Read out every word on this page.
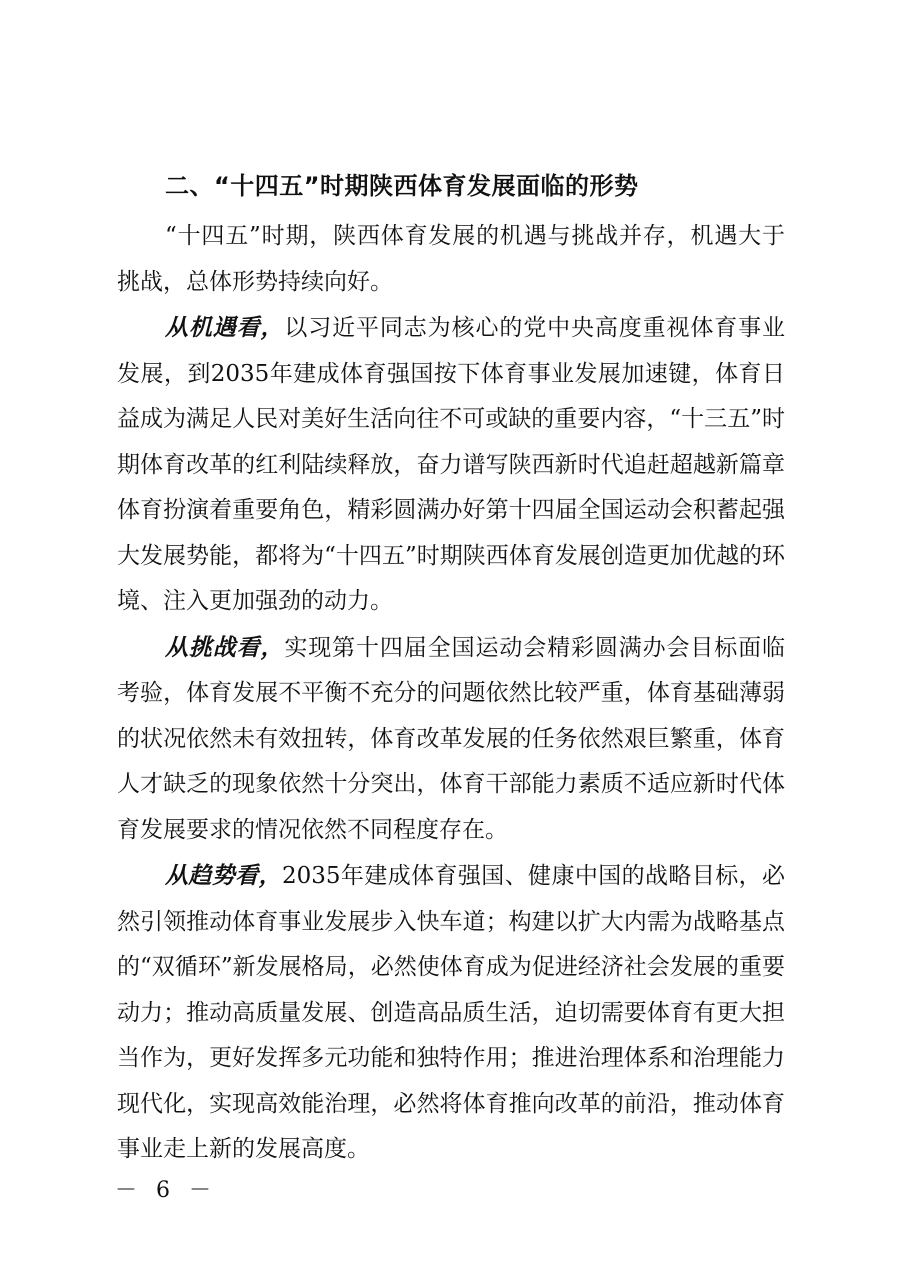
二、“十四五”时期陕西体育发展面临的形势

“十四五”时期，陕西体育发展的机遇与挑战并存，机遇大于挑战，总体形势持续向好。

从机遇看，以习近平同志为核心的党中央高度重视体育事业发展，到2035年建成体育强国按下体育事业发展加速键，体育日益成为满足人民对美好生活向往不可或缺的重要内容，“十三五”时期体育改革的红利陆续释放，奋力谱写陕西新时代追赶超越新篇章体育扮演着重要角色，精彩圆满办好第十四届全国运动会积蓄起强大发展势能，都将为“十四五”时期陕西体育发展创造更加优越的环境、注入更加强劲的动力。

从挑战看，实现第十四届全国运动会精彩圆满办会目标面临考验，体育发展不平衡不充分的问题依然比较严重，体育基础薄弱的状况依然未有效扭转，体育改革发展的任务依然艰巨繁重，体育人才缺乏的现象依然十分突出，体育干部能力素质不适应新时代体育发展要求的情况依然不同程度存在。

从趋势看，2035年建成体育强国、健康中国的战略目标，必然引领推动体育事业发展步入快车道；构建以扩大内需为战略基点的“双循环”新发展格局，必然使体育成为促进经济社会发展的重要动力；推动高质量发展、创造高品质生活，迫切需要体育有更大担当作为，更好发挥多元功能和独特作用；推进治理体系和治理能力现代化，实现高效能治理，必然将体育推向改革的前沿，推动体育事业走上新的发展高度。

－ 6 －
